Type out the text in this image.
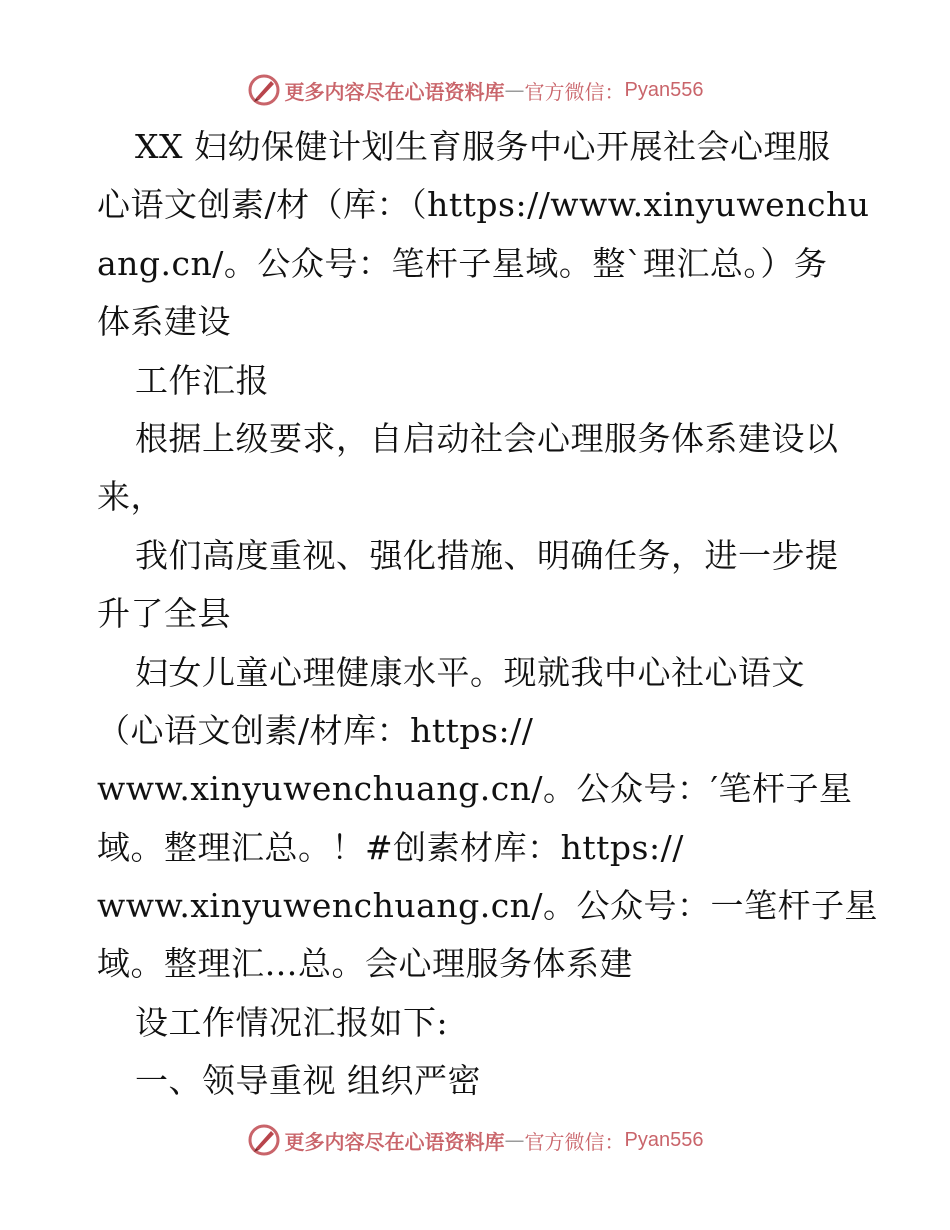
更多内容尽在心语资料库 — 官方微信： Pyan556
XX 妇幼保健计划生育服务中心开展社会心理服
心语文创素/材（库：（https://www.xinyuwenchu
ang.cn/。公众号：笔杆子星域。整`理汇总。）务
体系建设
工作汇报
根据上级要求，自启动社会心理服务体系建设以
来，
我们高度重视、强化措施、明确任务，进一步提
升了全县
妇女儿童心理健康水平。现就我中心社心语文
（心语文创素/材库：https://
www.xinyuwenchuang.cn/。公众号：′笔杆子星
域。整理汇总。！#创素材库：https://
www.xinyuwenchuang.cn/。公众号：一笔杆子星
域。整理汇…总。会心理服务体系建
设工作情况汇报如下:
一、领导重视 组织严密
更多内容尽在心语资料库 — 官方微信： Pyan556
